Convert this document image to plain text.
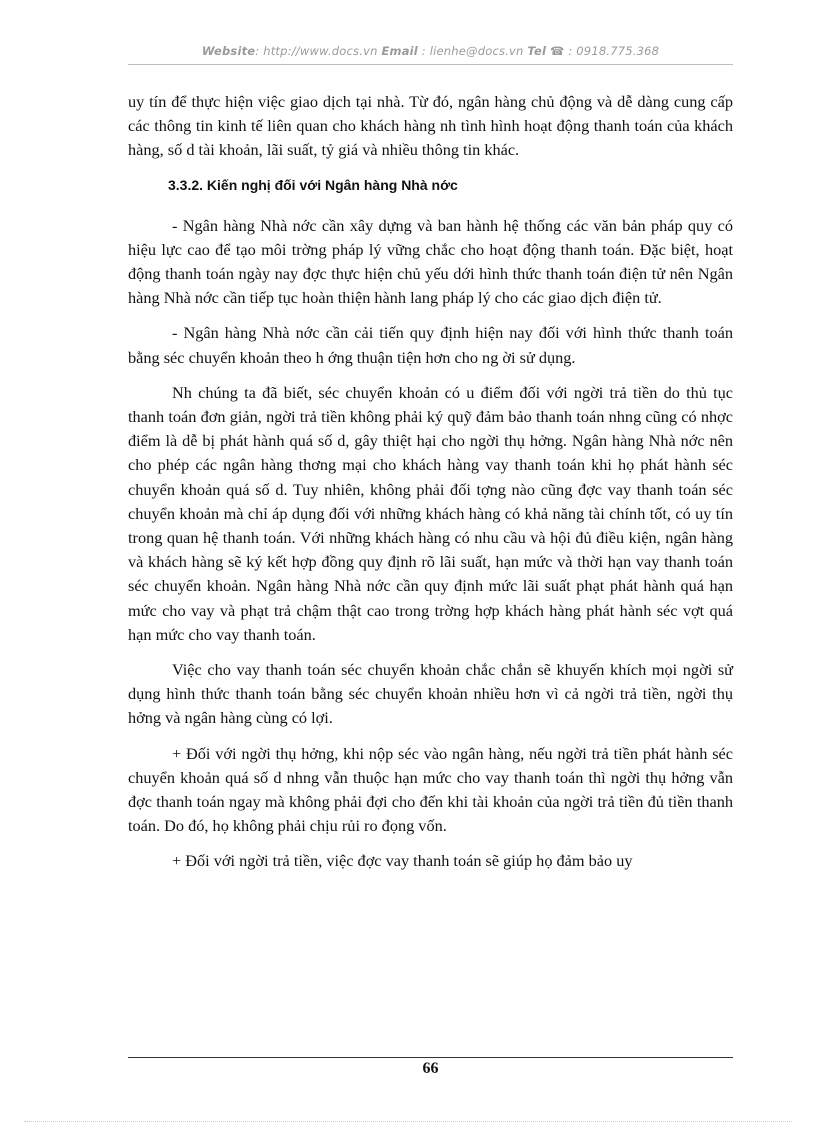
Website: http://www.docs.vn Email : lienhe@docs.vn Tel ☎ : 0918.775.368

uy tín để thực hiện việc giao dịch tại nhà. Từ đó, ngân hàng chủ động và dễ dàng cung cấp các thông tin kinh tế liên quan cho khách hàng nh tình hình hoạt động thanh toán của khách hàng, số d tài khoản, lãi suất, tỷ giá và nhiều thông tin khác.

3.3.2. Kiến nghị đối với Ngân hàng Nhà nớc

- Ngân hàng Nhà nớc cần xây dựng và ban hành hệ thống các văn bản pháp quy có hiệu lực cao để tạo môi trờng pháp lý vững chắc cho hoạt động thanh toán. Đặc biệt, hoạt động thanh toán ngày nay đợc thực hiện chủ yếu dới hình thức thanh toán điện tử nên Ngân hàng Nhà nớc cần tiếp tục hoàn thiện hành lang pháp lý cho các giao dịch điện tử.

- Ngân hàng Nhà nớc cần cải tiến quy định hiện nay đối với hình thức thanh toán bằng séc chuyển khoản theo h ớng thuận tiện hơn cho ng ời sử dụng.

Nh chúng ta đã biết, séc chuyển khoản có u điểm đối với ngời trả tiền do thủ tục thanh toán đơn giản, ngời trả tiền không phải ký quỹ đảm bảo thanh toán nhng cũng có nhợc điểm là dễ bị phát hành quá số d, gây thiệt hại cho ngời thụ hởng. Ngân hàng Nhà nớc nên cho phép các ngân hàng thơng mại cho khách hàng vay thanh toán khi họ phát hành séc chuyển khoản quá số d. Tuy nhiên, không phải đối tợng nào cũng đợc vay thanh toán séc chuyển khoản mà chỉ áp dụng đối với những khách hàng có khả năng tài chính tốt, có uy tín trong quan hệ thanh toán. Với những khách hàng có nhu cầu và hội đủ điều kiện, ngân hàng và khách hàng sẽ ký kết hợp đồng quy định rõ lãi suất, hạn mức và thời hạn vay thanh toán séc chuyển khoản. Ngân hàng Nhà nớc cần quy định mức lãi suất phạt phát hành quá hạn mức cho vay và phạt trả chậm thật cao trong trờng hợp khách hàng phát hành séc vợt quá hạn mức cho vay thanh toán.

Việc cho vay thanh toán séc chuyển khoản chắc chắn sẽ khuyến khích mọi ngời sử dụng hình thức thanh toán bằng séc chuyển khoản nhiều hơn vì cả ngời trả tiền, ngời thụ hởng và ngân hàng cùng có lợi.

+ Đối với ngời thụ hởng, khi nộp séc vào ngân hàng, nếu ngời trả tiền phát hành séc chuyển khoản quá số d nhng vẫn thuộc hạn mức cho vay thanh toán thì ngời thụ hởng vẫn đợc thanh toán ngay mà không phải đợi cho đến khi tài khoản của ngời trả tiền đủ tiền thanh toán. Do đó, họ không phải chịu rủi ro đọng vốn.

+ Đối với ngời trả tiền, việc đợc vay thanh toán sẽ giúp họ đảm bảo uy

66
